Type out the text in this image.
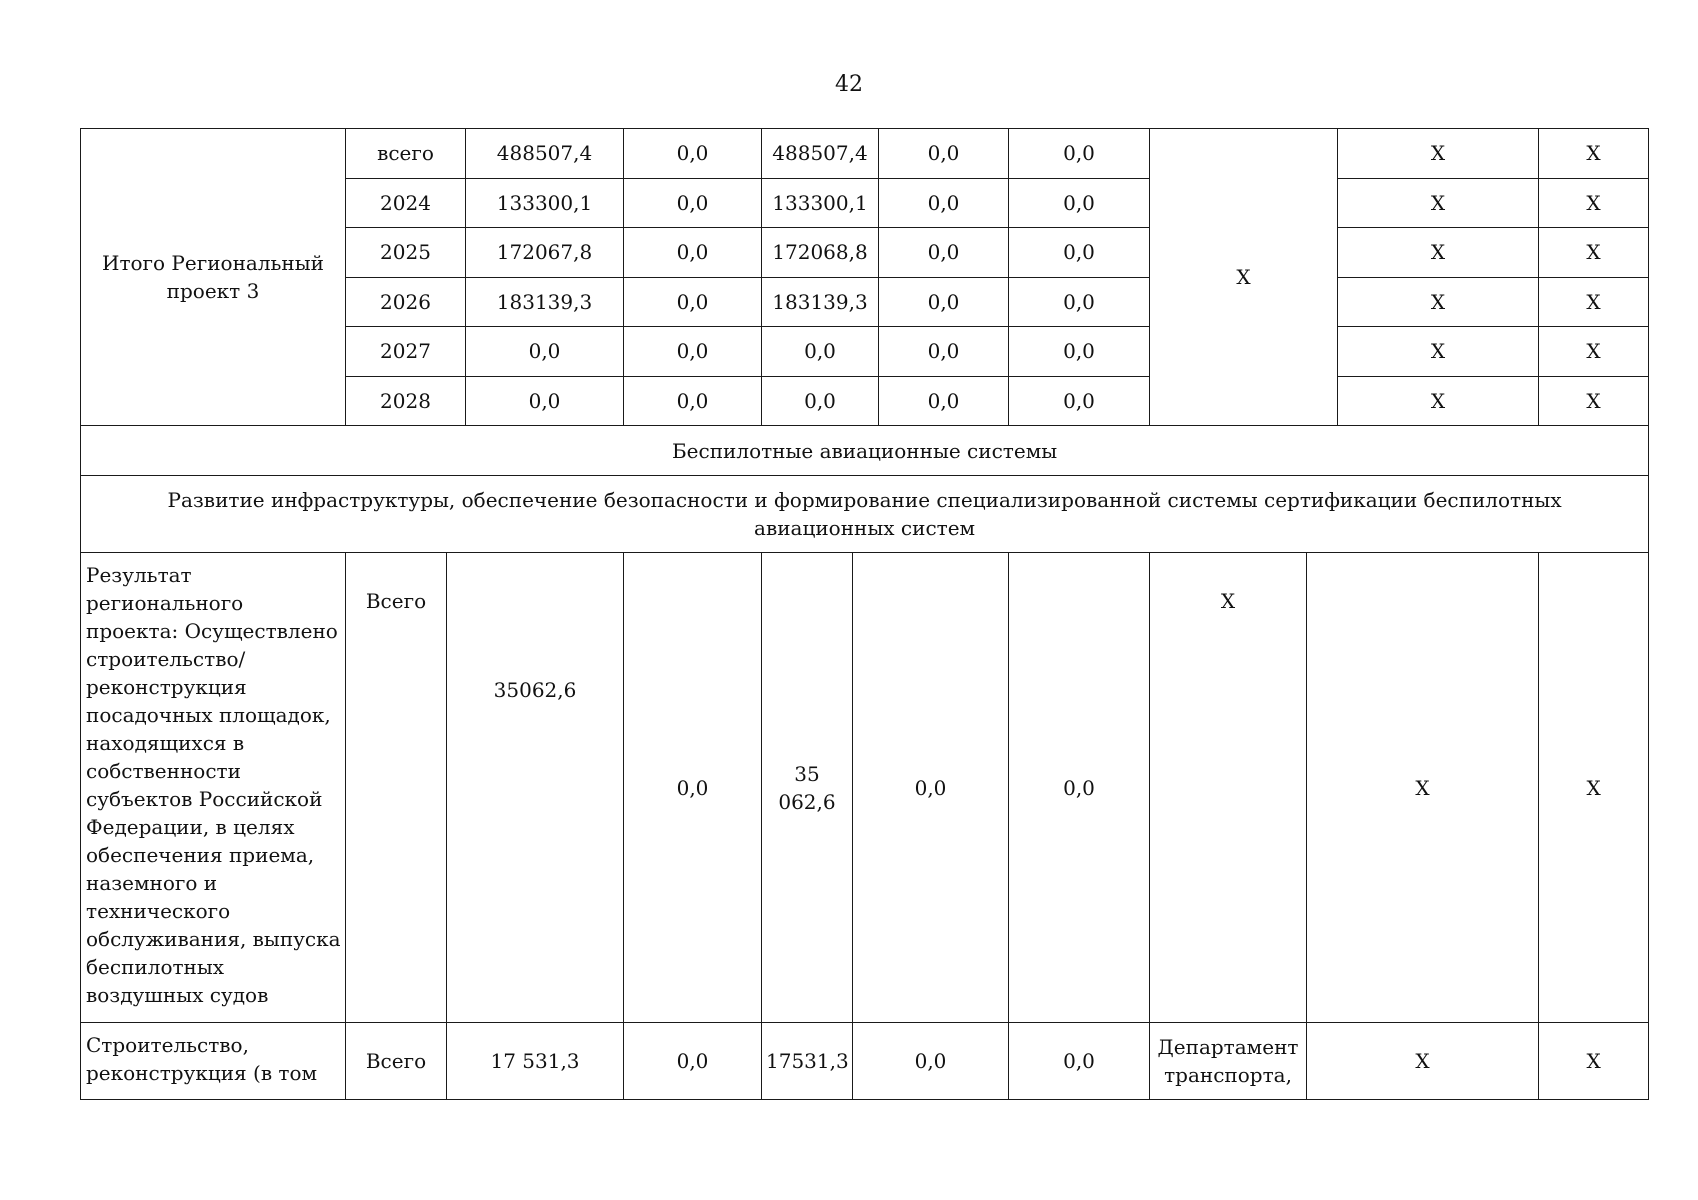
42
Итого Региональный проект 3	всего	488507,4	0,0	488507,4	0,0	0,0	Х	Х	Х
	2024	133300,1	0,0	133300,1	0,0	0,0		Х	Х
	2025	172067,8	0,0	172068,8	0,0	0,0		Х	Х
	2026	183139,3	0,0	183139,3	0,0	0,0		Х	Х
	2027	0,0	0,0	0,0	0,0	0,0		Х	Х
	2028	0,0	0,0	0,0	0,0	0,0		Х	Х
Беспилотные авиационные системы									
Развитие инфраструктуры, обеспечение безопасности и формирование специализированной системы сертификации беспилотных авиационных систем									
Результат регионального проекта: Осуществлено строительство/ реконструкция посадочных площадок, находящихся в собственности субъектов Российской Федерации, в целях обеспечения приема, наземного и технического обслуживания, выпуска беспилотных воздушных судов	Всего	35062,6	0,0	35 062,6	0,0	0,0	Х	Х	Х
Строительство, реконструкция (в том	Всего	17 531,3	0,0	17531,3	0,0	0,0	Департамент транспорта,	Х	Х
